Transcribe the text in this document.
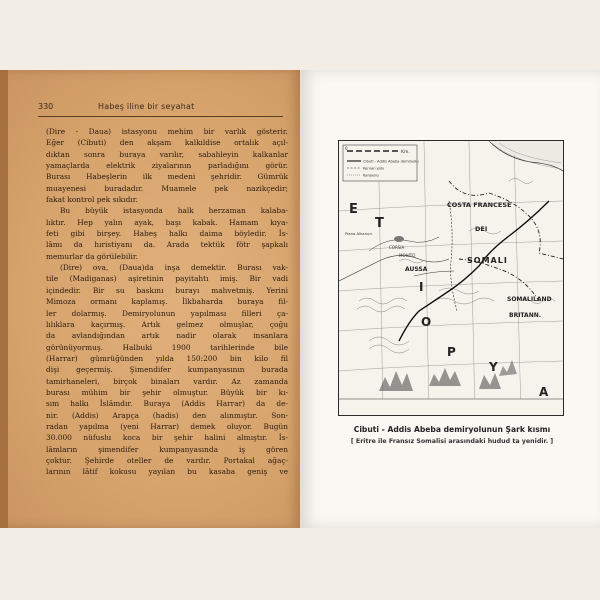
330	Habeş iline bir seyahat
(Dire - Daua) istasyonu mehim bir varlık gösterir.
Eğer (Cibuti) den akşam kalkıldise ortalık açıl-
dıktan sonra buraya varılır, sabahleyin kalkanlar
yamaçlarda elektrik ziyalarının parladığını görür.
Burası Habeşlerin ilk medeni şehridir. Gümrük
muayenesi buradadır. Muamele pek nazikçedir;
fakat kontrol pek sıkıdır.
Bu büyük istasyonda halk herzaman kalaba-
lıktır. Hep yalın ayak, başı kabak. Hamam kıya-
feti gibi birşey. Habeş halkı daima böyledir. İs-
lâmı da hıristiyanı da. Arada tektük fötr şapkalı
memurlar da görülebilir.
(Dire) ova, (Daua)da inşa demektir. Burası vak-
tile (Madiganas) aşiretinin payitahtı imiş. Bir vadi
içindedir. Bir su baskını burayı mahvetmiş. Yerini
Mimoza ormanı kaplamış. İlkbaharda buraya fil-
ler dolarmış. Demiryolunun yapılması filleri ça-
lılıklara kaçırmış. Artık gelmez olmuşlar, çoğu
da avlandığından artık nadir olarak insanlara
görünüyormuş. Halbuki 1900 tarihlerinde bile
(Harrar) gümrüğünden yılda 150:200 bin kilo fil
dişi geçermiş. Şimendifer kumpanyasının burada
tamirhaneleri, birçok binaları vardır. Az zamanda
burası mühim bir şehir olmuştur. Büyük bir kı-
sım halkı İslâmdır. Buraya (Addis Harrar) da de-
nir. (Addis) Arapça (hadis) den alınmıştır. Son-
radan yapılma (yeni Harrar) demek oluyor. Bugün
30.000 nüfuslu koca bir şehir halini almıştır. İs-
lâmların şimendifer kumpanyasında iş gören
çoktur. Şehirde oteller de vardır. Portakal ağaç-
larının lâtif kokusu yayılan bu kasaba geniş ve
0
Km.
Cibuti - Addis Abeba demiryolu
Kervan yolu
Karayolu
E
T
I
O
P
Y
A
COSTA FRANCESE
DEI
SOMALI
AUSSA
SOMALILAND
BRITANN.
Piana Alkanun
MOHITO
CORSIA
Cibuti - Addis Abeba demiryolunun Şark kısmı
[ Eritre ile Fransız Somalisi arasındaki hudud ta yenidir. ]
